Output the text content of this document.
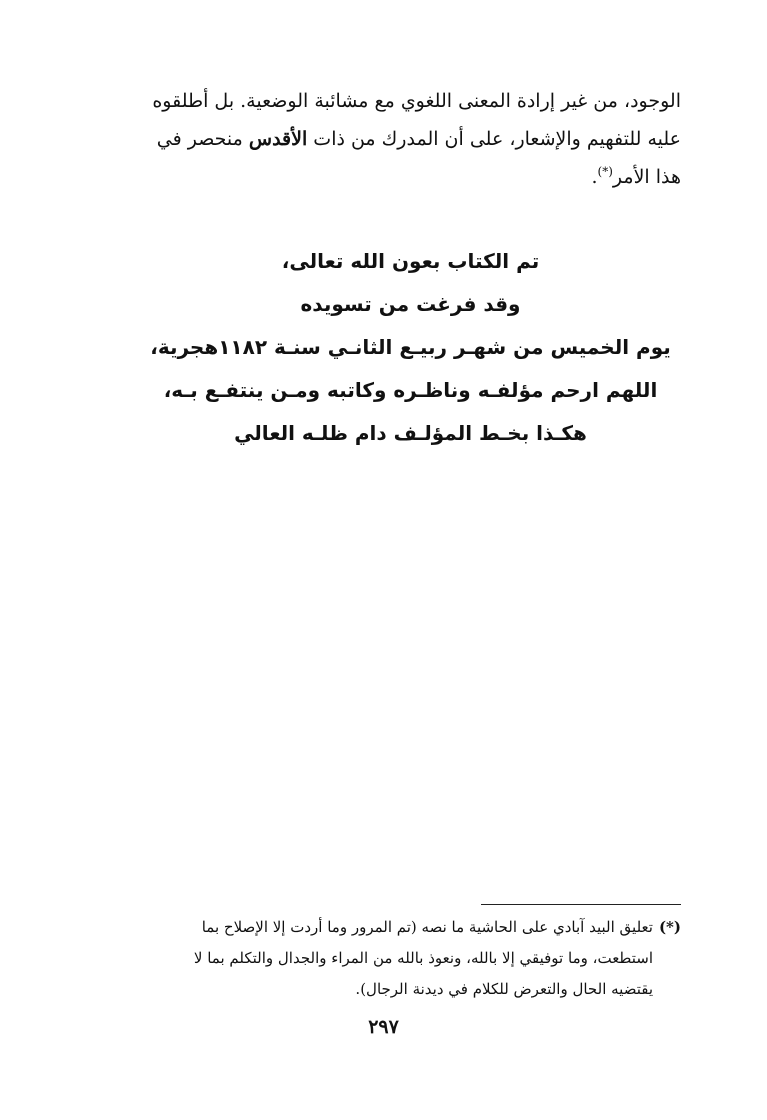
الوجود، من غير إرادة المعنى اللغوي مع مشائبة الوضعية. بل أطلقوه

عليه للتفهيم والإشعار، على أن المدرك من ذات الأقدس منحصر في

هذا الأمر(*).

تم الكتاب بعون الله تعالى،
وقد فرغت من تسويده
يوم الخميس من شهـر ربيـع الثانـي سنـة ١١٨٢هجرية،
اللهم ارحم مؤلفـه وناظـره وكاتبه ومـن ينتفـع بـه،
هكـذا بخـط المؤلـف دام ظلـه العالي

(*)تعليق البيد آبادي على الحاشية ما نصه (تم المرور وما أردت إلا الإصلاح بما

استطعت، وما توفيقي إلا بالله، ونعوذ بالله من المراء والجدال والتكلم بما لا

يقتضيه الحال والتعرض للكلام في ديدنة الرجال).

٢٩٧
